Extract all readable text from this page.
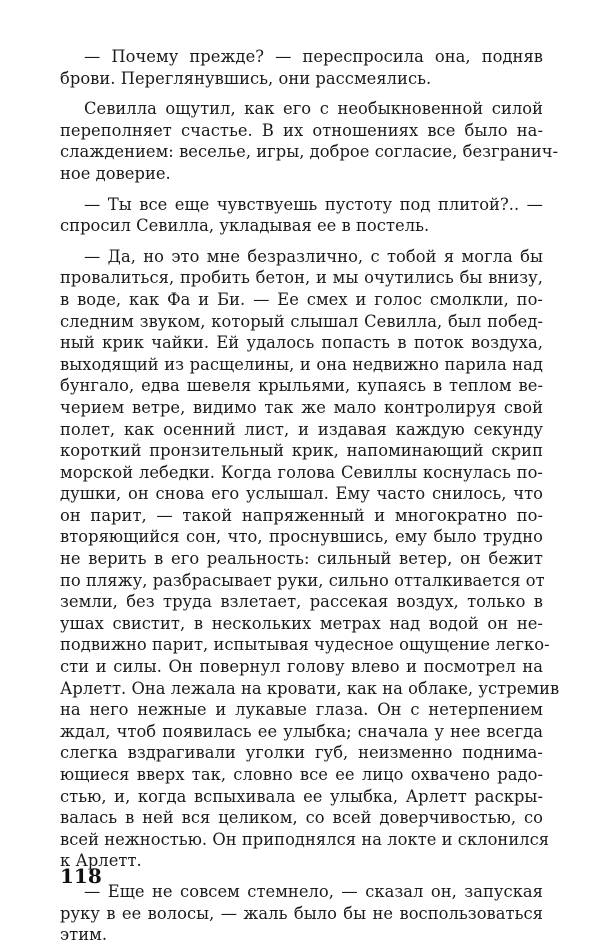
— Почему прежде? — переспросила она, подняв
брови. Переглянувшись, они рассмеялись.
Севилла ощутил, как его с необыкновенной силой
переполняет счастье. В их отношениях все было на-
слаждением: веселье, игры, доброе согласие, безгранич-
ное доверие.
— Ты все еще чувствуешь пустоту под плитой?.. —
спросил Севилла, укладывая ее в постель.
— Да, но это мне безразлично, с тобой я могла бы
провалиться, пробить бетон, и мы очутились бы внизу,
в воде, как Фа и Би. — Ее смех и голос смолкли, по-
следним звуком, который слышал Севилла, был побед-
ный крик чайки. Ей удалось попасть в поток воздуха,
выходящий из расщелины, и она недвижно парила над
бунгало, едва шевеля крыльями, купаясь в теплом ве-
черием ветре, видимо так же мало контролируя свой
полет, как осенний лист, и издавая каждую секунду
короткий пронзительный крик, напоминающий скрип
морской лебедки. Когда голова Севиллы коснулась по-
душки, он снова его услышал. Ему часто снилось, что
он парит, — такой напряженный и многократно по-
вторяющийся сон, что, проснувшись, ему было трудно
не верить в его реальность: сильный ветер, он бежит
по пляжу, разбрасывает руки, сильно отталкивается от
земли, без труда взлетает, рассекая воздух, только в
ушах свистит, в нескольких метрах над водой он не-
подвижно парит, испытывая чудесное ощущение легко-
сти и силы. Он повернул голову влево и посмотрел на
Арлетт. Она лежала на кровати, как на облаке, устремив
на него нежные и лукавые глаза. Он с нетерпением
ждал, чтоб появилась ее улыбка; сначала у нее всегда
слегка вздрагивали уголки губ, неизменно поднима-
ющиеся вверх так, словно все ее лицо охвачено радо-
стью, и, когда вспыхивала ее улыбка, Арлетт раскры-
валась в ней вся целиком, со всей доверчивостью, со
всей нежностью. Он приподнялся на локте и склонился
к Арлетт.
— Еще не совсем стемнело, — сказал он, запуская
руку в ее волосы, — жаль было бы не воспользоваться
этим.
118
